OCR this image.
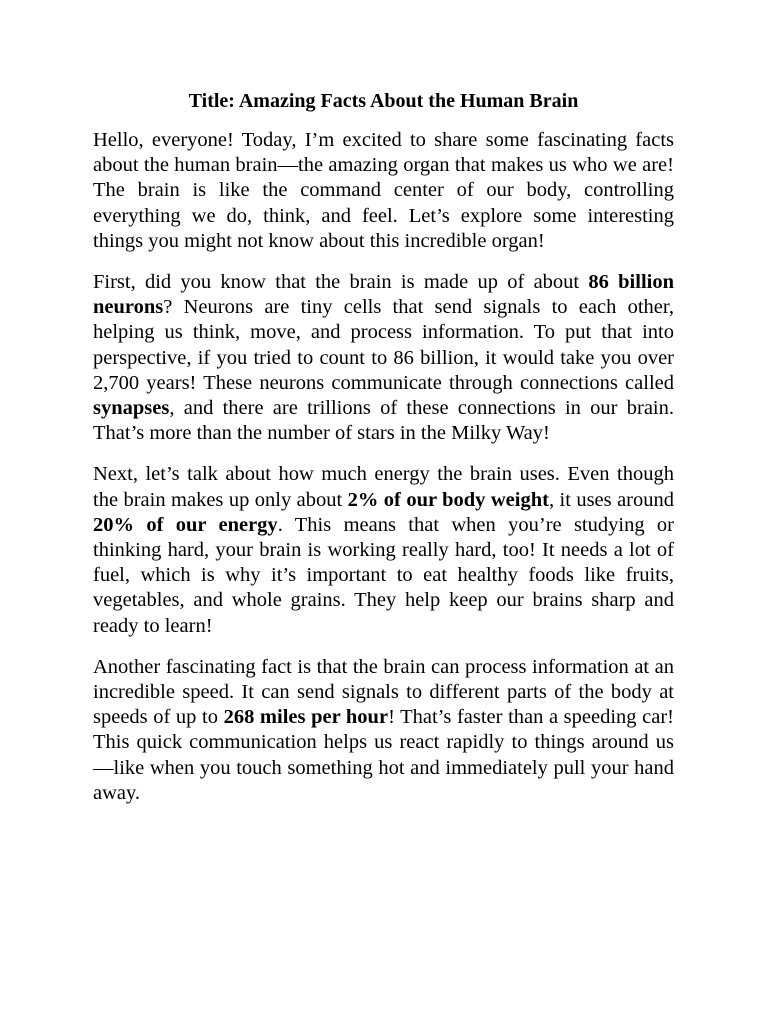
Title: Amazing Facts About the Human Brain

Hello, everyone! Today, I’m excited to share some fascinating facts about the human brain—the amazing organ that makes us who we are! The brain is like the command center of our body, controlling everything we do, think, and feel. Let’s explore some interesting things you might not know about this incredible organ!

First, did you know that the brain is made up of about 86 billion neurons? Neurons are tiny cells that send signals to each other, helping us think, move, and process information. To put that into perspective, if you tried to count to 86 billion, it would take you over 2,700 years! These neurons communicate through connections called synapses, and there are trillions of these connections in our brain. That’s more than the number of stars in the Milky Way!

Next, let’s talk about how much energy the brain uses. Even though the brain makes up only about 2% of our body weight, it uses around 20% of our energy. This means that when you’re studying or thinking hard, your brain is working really hard, too! It needs a lot of fuel, which is why it’s important to eat healthy foods like fruits, vegetables, and whole grains. They help keep our brains sharp and ready to learn!

Another fascinating fact is that the brain can process information at an incredible speed. It can send signals to different parts of the body at speeds of up to 268 miles per hour! That’s faster than a speeding car! This quick communication helps us react rapidly to things around us—like when you touch something hot and immediately pull your hand away.
